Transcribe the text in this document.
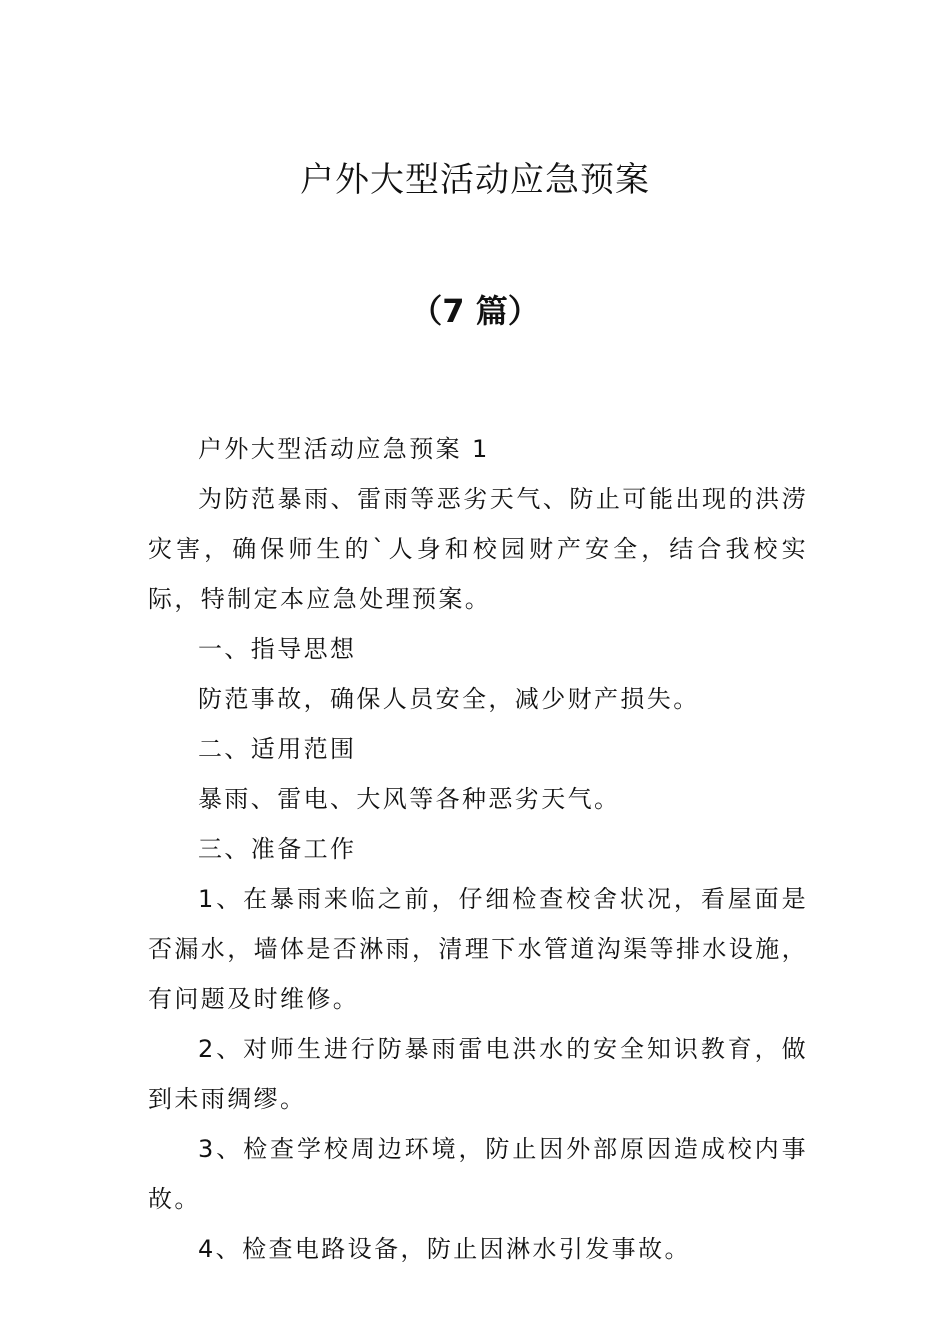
户外大型活动应急预案
（7 篇）

户外大型活动应急预案 1

为防范暴雨、雷雨等恶劣天气、防止可能出现的洪涝灾害，确保师生的`人身和校园财产安全，结合我校实际，特制定本应急处理预案。

一、指导思想

防范事故，确保人员安全，减少财产损失。

二、适用范围

暴雨、雷电、大风等各种恶劣天气。

三、准备工作

1、在暴雨来临之前，仔细检查校舍状况，看屋面是否漏水，墙体是否淋雨，清理下水管道沟渠等排水设施，有问题及时维修。

2、对师生进行防暴雨雷电洪水的安全知识教育，做到未雨绸缪。

3、检查学校周边环境，防止因外部原因造成校内事故。

4、检查电路设备，防止因淋水引发事故。
